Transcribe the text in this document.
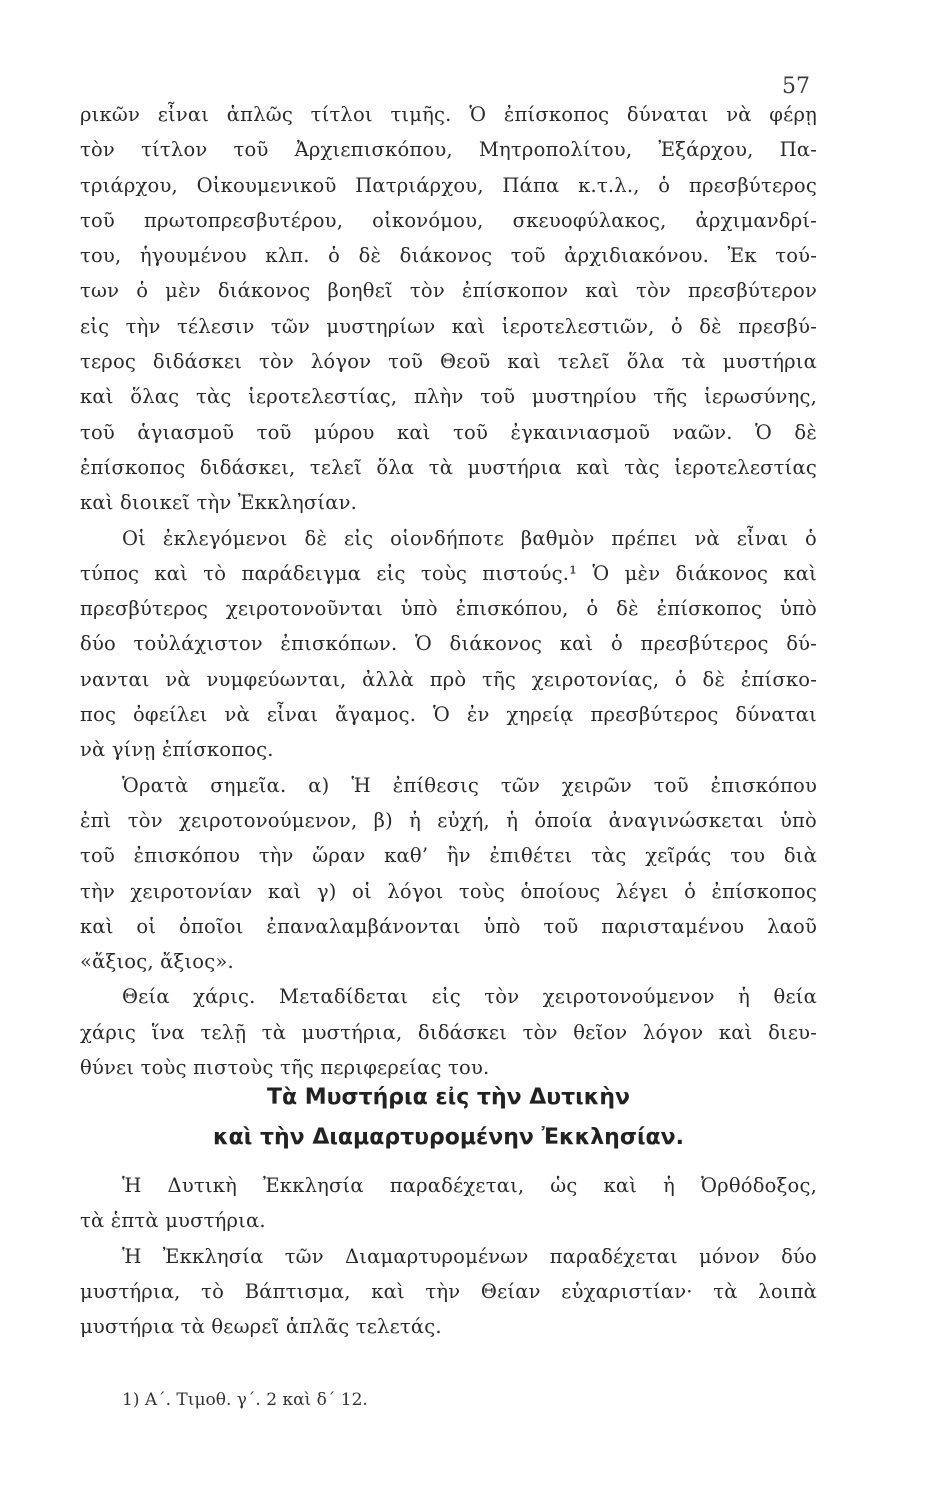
57
ρικῶν εἶναι ἁπλῶς τίτλοι τιμῆς. Ὁ ἐπίσκοπος δύναται νὰ φέρῃ
τὸν τίτλον τοῦ Ἀρχιεπισκόπου, Μητροπολίτου, Ἐξάρχου, Πα-
τριάρχου, Οἰκουμενικοῦ Πατριάρχου, Πάπα κ.τ.λ., ὁ πρεσβύτερος
τοῦ πρωτοπρεσβυτέρου, οἰκονόμου, σκευοφύλακος, ἀρχιμανδρί-
του, ἡγουμένου κλπ. ὁ δὲ διάκονος τοῦ ἀρχιδιακόνου. Ἐκ τού-
των ὁ μὲν διάκονος βοηθεῖ τὸν ἐπίσκοπον καὶ τὸν πρεσβύτερον
εἰς τὴν τέλεσιν τῶν μυστηρίων καὶ ἱεροτελεστιῶν, ὁ δὲ πρεσβύ-
τερος διδάσκει τὸν λόγον τοῦ Θεοῦ καὶ τελεῖ ὅλα τὰ μυστήρια
καὶ ὅλας τὰς ἱεροτελεστίας, πλὴν τοῦ μυστηρίου τῆς ἱερωσύνης,
τοῦ ἁγιασμοῦ τοῦ μύρου καὶ τοῦ ἐγκαινιασμοῦ ναῶν. Ὁ δὲ
ἐπίσκοπος διδάσκει, τελεῖ ὅλα τὰ μυστήρια καὶ τὰς ἱεροτελεστίας
καὶ διοικεῖ τὴν Ἐκκλησίαν.
Οἱ ἐκλεγόμενοι δὲ εἰς οἱονδήποτε βαθμὸν πρέπει νὰ εἶναι ὁ
τύπος καὶ τὸ παράδειγμα εἰς τοὺς πιστούς.¹ Ὁ μὲν διάκονος καὶ
πρεσβύτερος χειροτονοῦνται ὑπὸ ἐπισκόπου, ὁ δὲ ἐπίσκοπος ὑπὸ
δύο τοὐλάχιστον ἐπισκόπων. Ὁ διάκονος καὶ ὁ πρεσβύτερος δύ-
νανται νὰ νυμφεύωνται, ἀλλὰ πρὸ τῆς χειροτονίας, ὁ δὲ ἐπίσκο-
πος ὀφείλει νὰ εἶναι ἄγαμος. Ὁ ἐν χηρείᾳ πρεσβύτερος δύναται
νὰ γίνῃ ἐπίσκοπος.
Ὁρατὰ σημεῖα. α) Ἡ ἐπίθεσις τῶν χειρῶν τοῦ ἐπισκόπου
ἐπὶ τὸν χειροτονούμενον, β) ἡ εὐχή, ἡ ὁποία ἀναγινώσκεται ὑπὸ
τοῦ ἐπισκόπου τὴν ὥραν καθ’ ἣν ἐπιθέτει τὰς χεῖράς του διὰ
τὴν χειροτονίαν καὶ γ) οἱ λόγοι τοὺς ὁποίους λέγει ὁ ἐπίσκοπος
καὶ οἱ ὁποῖοι ἐπαναλαμβάνονται ὑπὸ τοῦ παρισταμένου λαοῦ
«ἄξιος, ἄξιος».
Θεία χάρις. Μεταδίδεται εἰς τὸν χειροτονούμενον ἡ θεία
χάρις ἵνα τελῇ τὰ μυστήρια, διδάσκει τὸν θεῖον λόγον καὶ διευ-
θύνει τοὺς πιστοὺς τῆς περιφερείας του.
Τὰ Μυστήρια εἰς τὴν Δυτικὴν
καὶ τὴν Διαμαρτυρομένην Ἐκκλησίαν.
Ἡ Δυτικὴ Ἐκκλησία παραδέχεται, ὡς καὶ ἡ Ὀρθόδοξος,
τὰ ἑπτὰ μυστήρια.
Ἡ Ἐκκλησία τῶν Διαμαρτυρομένων παραδέχεται μόνον δύο
μυστήρια, τὸ Βάπτισμα, καὶ τὴν Θείαν εὐχαριστίαν· τὰ λοιπὰ
μυστήρια τὰ θεωρεῖ ἁπλᾶς τελετάς.
1) Α΄. Τιμοθ. γ΄. 2 καὶ δ΄ 12.
